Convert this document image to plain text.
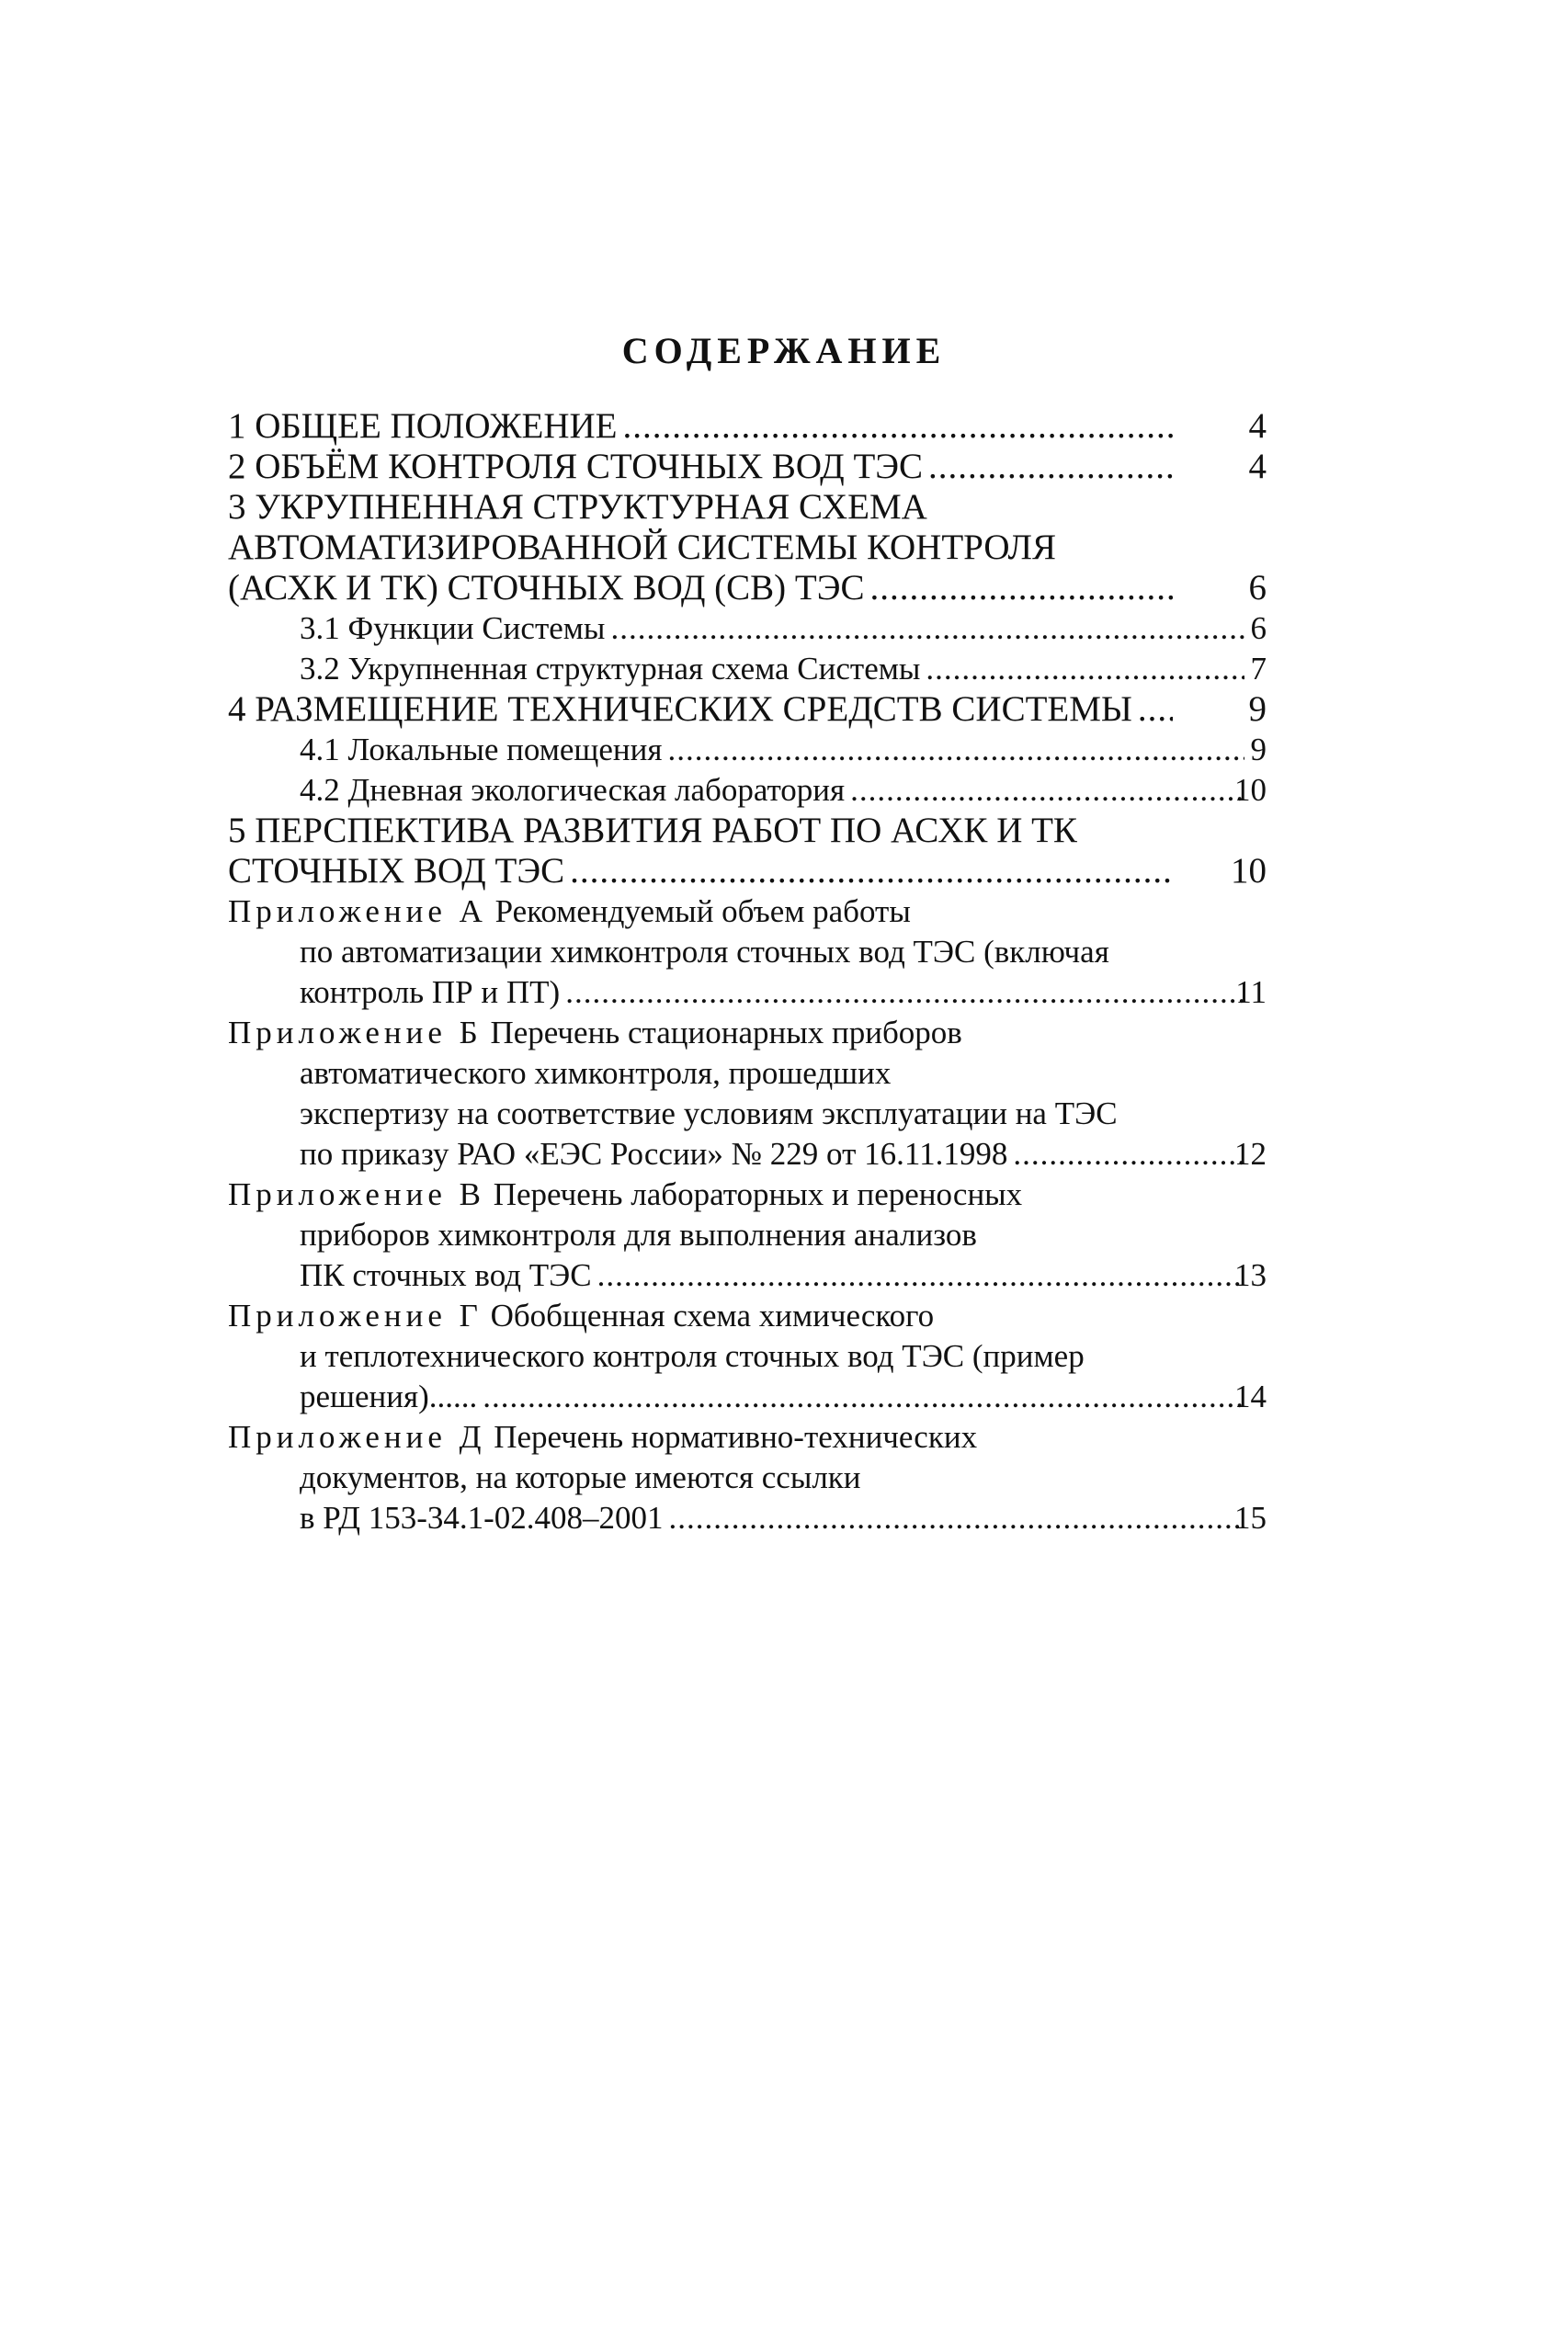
СОДЕРЖАНИЕ
1 ОБЩЕЕ ПОЛОЖЕНИЕ .....	4
2 ОБЪЁМ КОНТРОЛЯ СТОЧНЫХ ВОД ТЭС .....	4
3 УКРУПНЕННАЯ СТРУКТУРНАЯ СХЕМА
АВТОМАТИЗИРОВАННОЙ СИСТЕМЫ КОНТРОЛЯ
(АСХК И ТК) СТОЧНЫХ ВОД (СВ) ТЭС .....	6
3.1 Функции Системы .....	6
3.2 Укрупненная структурная схема Системы .....	7
4 РАЗМЕЩЕНИЕ ТЕХНИЧЕСКИХ СРЕДСТВ СИСТЕМЫ .....	9
4.1 Локальные помещения .....	9
4.2 Дневная экологическая лаборатория .....	10
5 ПЕРСПЕКТИВА РАЗВИТИЯ РАБОТ ПО АСХК И ТК
СТОЧНЫХ ВОД ТЭС .....	10
Приложение А Рекомендуемый объем работы
по автоматизации химконтроля сточных вод ТЭС (включая
контроль ПР и ПТ) .....	11
Приложение Б Перечень стационарных приборов
автоматического химконтроля, прошедших
экспертизу на соответствие условиям эксплуатации на ТЭС
по приказу РАО «ЕЭС России» № 229 от 16.11.1998 .....	12
Приложение В Перечень лабораторных и переносных
приборов химконтроля для выполнения анализов
ПК сточных вод ТЭС .....	13
Приложение Г Обобщенная схема химического
и теплотехнического контроля сточных вод ТЭС (пример
решения)...... .....	14
Приложение Д Перечень нормативно-технических
документов, на которые имеются ссылки
в РД 153-34.1-02.408–2001 .....	15
